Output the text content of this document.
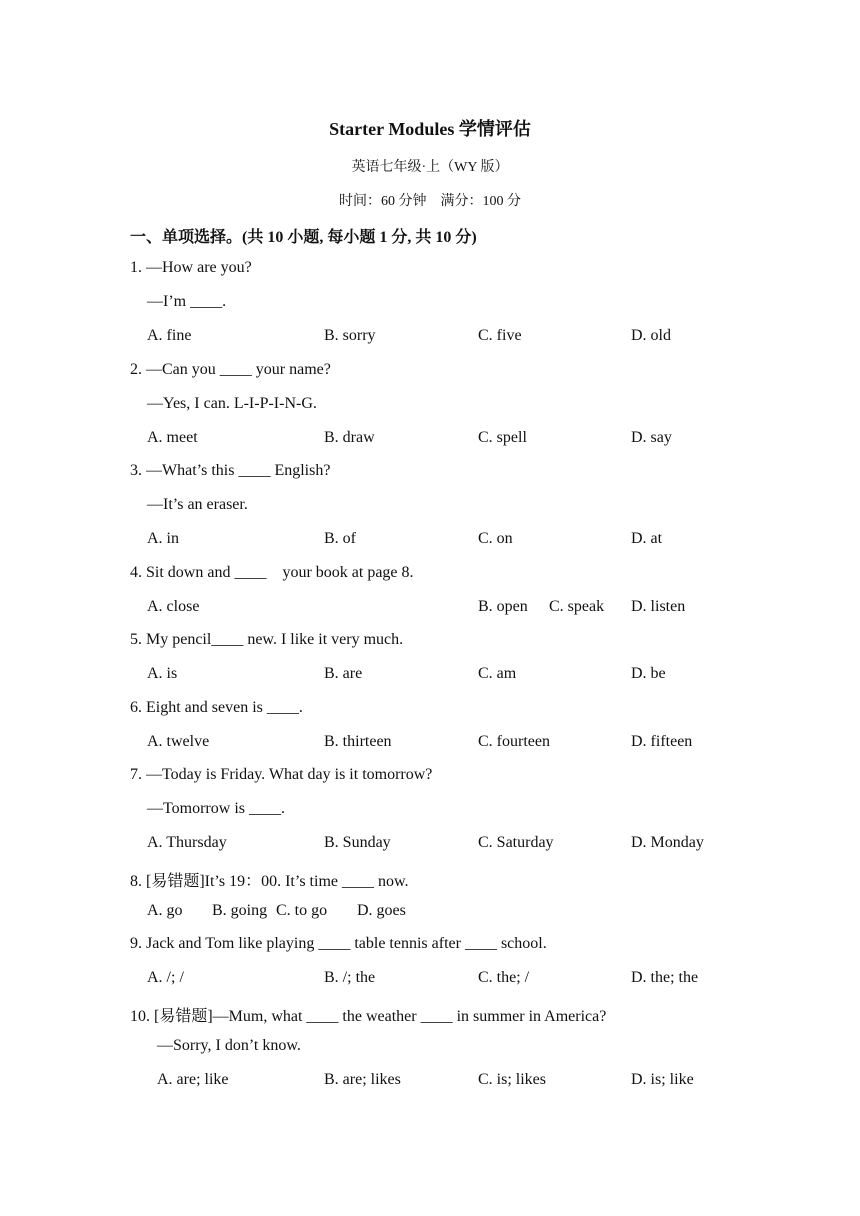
Starter Modules 学情评估
英语七年级·上（WY 版）
时间：60 分钟　满分：100 分
一、单项选择。(共 10 小题, 每小题 1 分, 共 10 分)
1. —How are you?
—I’m ____.
A. fine	B. sorry	C. five	D. old
2. —Can you ____ your name?
—Yes, I can. L-I-P-I-N-G.
A. meet	B. draw	C. spell	D. say
3. —What’s this ____ English?
—It’s an eraser.
A. in	B. of	C. on	D. at
4. Sit down and ____    your book at page 8.
A. close	B. open C. speak D. listen
5. My pencil____ new. I like it very much.
A. is	B. are	C. am	D. be
6. Eight and seven is ____.
A. twelve	B. thirteen	C. fourteen	D. fifteen
7. —Today is Friday. What day is it tomorrow?
—Tomorrow is ____.
A. Thursday	B. Sunday	C. Saturday	D. Monday
8. [易错题]It’s 19：00. It’s time ____ now.
A. go B. going C. to go D. goes
9. Jack and Tom like playing ____ table tennis after ____ school.
A. /; /	B. /; the	C. the; /	D. the; the
10. [易错题]—Mum, what ____ the weather ____ in summer in America?
—Sorry, I don’t know.
A. are; like	B. are; likes	C. is; likes	D. is; like
